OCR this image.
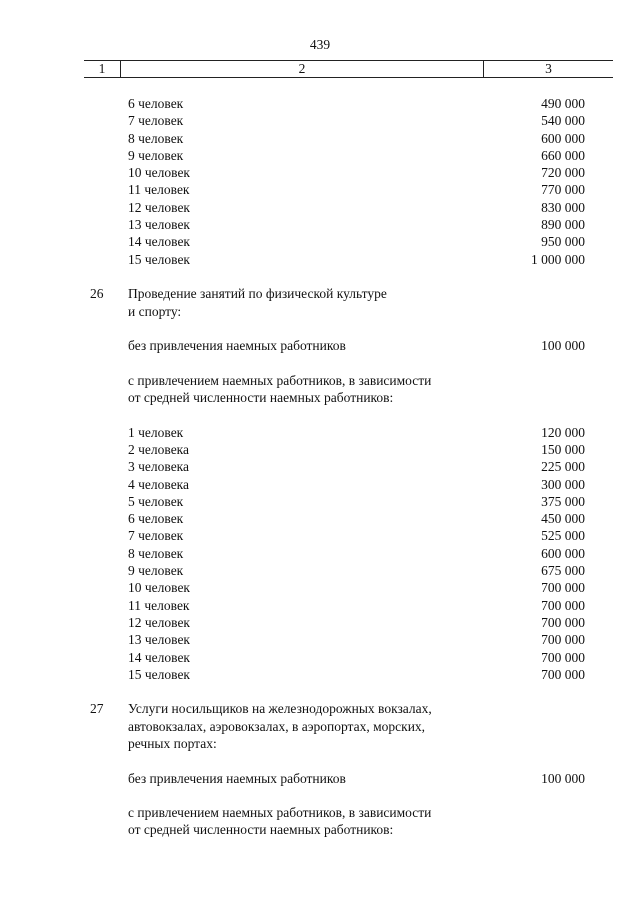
439
1	2	3
6 человек	490 000
7 человек	540 000
8 человек	600 000
9 человек	660 000
10 человек	720 000
11 человек	770 000
12 человек	830 000
13 человек	890 000
14 человек	950 000
15 человек	1 000 000
26	Проведение занятий по физической культуре
и спорту:
без привлечения наемных работников	100 000
с привлечением наемных работников, в зависимости
от средней численности наемных работников:
1 человек	120 000
2 человека	150 000
3 человека	225 000
4 человека	300 000
5 человек	375 000
6 человек	450 000
7 человек	525 000
8 человек	600 000
9 человек	675 000
10 человек	700 000
11 человек	700 000
12 человек	700 000
13 человек	700 000
14 человек	700 000
15 человек	700 000
27	Услуги носильщиков на железнодорожных вокзалах,
автовокзалах, аэровокзалах, в аэропортах, морских,
речных портах:
без привлечения наемных работников	100 000
с привлечением наемных работников, в зависимости
от средней численности наемных работников:
